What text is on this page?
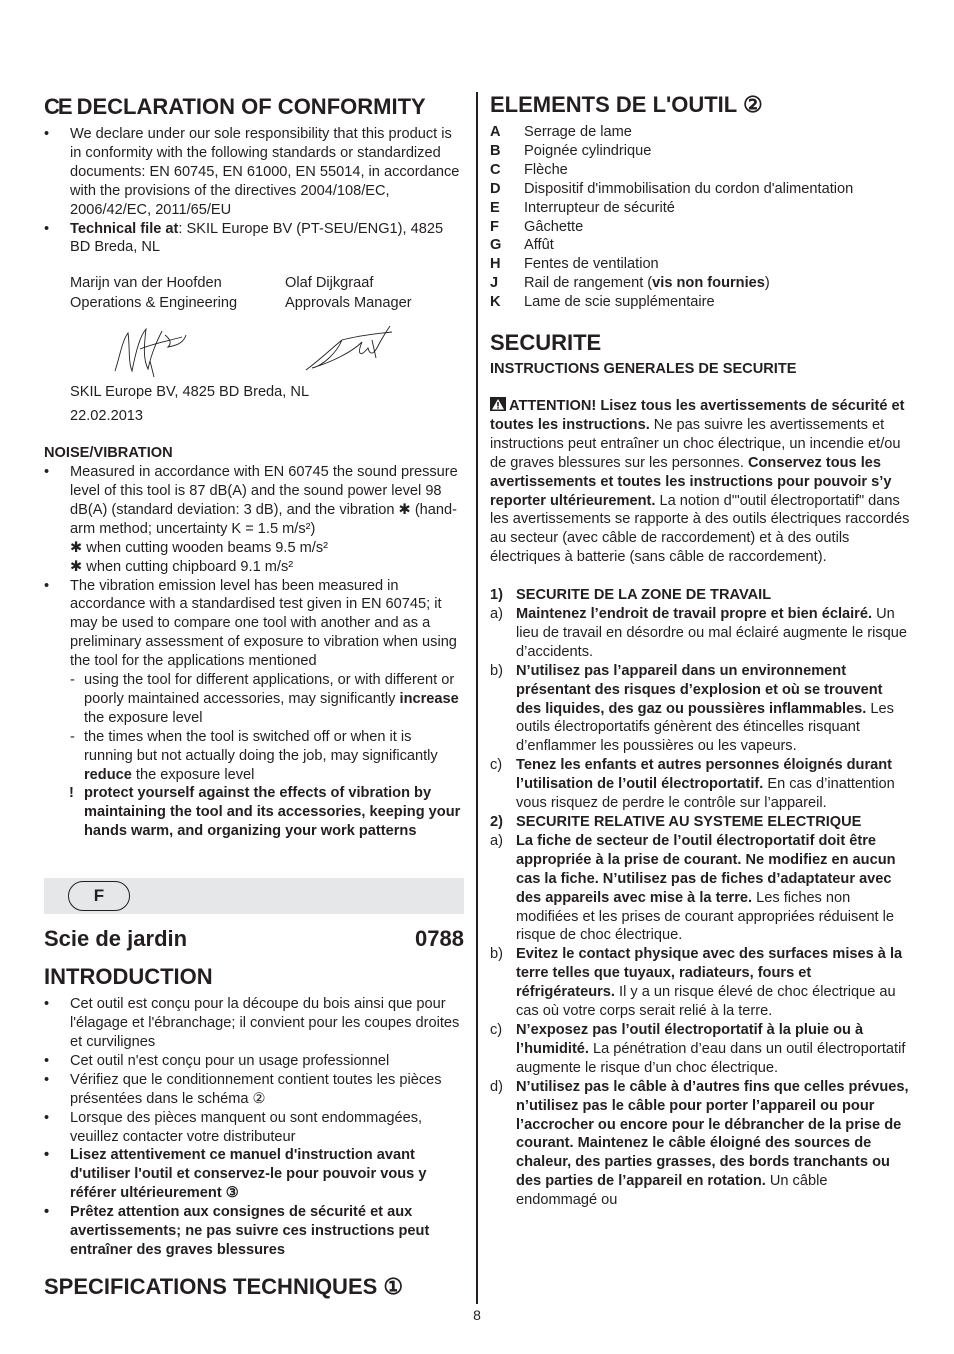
CE DECLARATION OF CONFORMITY
• We declare under our sole responsibility that this product is in conformity with the following standards or standardized documents: EN 60745, EN 61000, EN 55014, in accordance with the provisions of the directives 2004/108/EC, 2006/42/EC, 2011/65/EU
• Technical file at: SKIL Europe BV (PT-SEU/ENG1), 4825 BD Breda, NL
Marijn van der Hoofden	Olaf Dijkgraaf
Operations & Engineering	Approvals Manager

SKIL Europe BV, 4825 BD Breda, NL

22.02.2013

NOISE/VIBRATION
• Measured in accordance with EN 60745 the sound pressure level of this tool is 87 dB(A) and the sound power level 98 dB(A) (standard deviation: 3 dB), and the vibration ✱ (hand-arm method; uncertainty K = 1.5 m/s²)
✱ when cutting wooden beams 9.5 m/s²
✱ when cutting chipboard 9.1 m/s²
• The vibration emission level has been measured in accordance with a standardised test given in EN 60745; it may be used to compare one tool with another and as a preliminary assessment of exposure to vibration when using the tool for the applications mentioned
- using the tool for different applications, or with different or poorly maintained accessories, may significantly increase the exposure level
- the times when the tool is switched off or when it is running but not actually doing the job, may significantly reduce the exposure level
! protect yourself against the effects of vibration by maintaining the tool and its accessories, keeping your hands warm, and organizing your work patterns
F
Scie de jardin	0788
INTRODUCTION
• Cet outil est conçu pour la découpe du bois ainsi que pour l'élagage et l'ébranchage; il convient pour les coupes droites et curvilignes
• Cet outil n'est conçu pour un usage professionnel
• Vérifiez que le conditionnement contient toutes les pièces présentées dans le schéma ②
• Lorsque des pièces manquent ou sont endommagées, veuillez contacter votre distributeur
• Lisez attentivement ce manuel d'instruction avant d'utiliser l'outil et conservez-le pour pouvoir vous y référer ultérieurement ③
• Prêtez attention aux consignes de sécurité et aux avertissements; ne pas suivre ces instructions peut entraîner des graves blessures
SPECIFICATIONS TECHNIQUES ①
ELEMENTS DE L'OUTIL ②
A	Serrage de lame
B	Poignée cylindrique
C	Flèche
D	Dispositif d'immobilisation du cordon d'alimentation
E	Interrupteur de sécurité
F	Gâchette
G	Affût
H	Fentes de ventilation
J	Rail de rangement (vis non fournies)
K	Lame de scie supplémentaire
SECURITE
INSTRUCTIONS GENERALES DE SECURITE

ATTENTION! Lisez tous les avertissements de sécurité et toutes les instructions. Ne pas suivre les avertissements et instructions peut entraîner un choc électrique, un incendie et/ou de graves blessures sur les personnes. Conservez tous les avertissements et toutes les instructions pour pouvoir s’y reporter ultérieurement. La notion d'"outil électroportatif" dans les avertissements se rapporte à des outils électriques raccordés au secteur (avec câble de raccordement) et à des outils électriques à batterie (sans câble de raccordement).

1) SECURITE DE LA ZONE DE TRAVAIL
a) Maintenez l’endroit de travail propre et bien éclairé. Un lieu de travail en désordre ou mal éclairé augmente le risque d’accidents.
b) N’utilisez pas l’appareil dans un environnement présentant des risques d’explosion et où se trouvent des liquides, des gaz ou poussières inflammables. Les outils électroportatifs génèrent des étincelles risquant d’enflammer les poussières ou les vapeurs.
c) Tenez les enfants et autres personnes éloignés durant l’utilisation de l’outil électroportatif. En cas d’inattention vous risquez de perdre le contrôle sur l’appareil.
2) SECURITE RELATIVE AU SYSTEME ELECTRIQUE
a) La fiche de secteur de l’outil électroportatif doit être appropriée à la prise de courant. Ne modifiez en aucun cas la fiche. N’utilisez pas de fiches d’adaptateur avec des appareils avec mise à la terre. Les fiches non modifiées et les prises de courant appropriées réduisent le risque de choc électrique.
b) Evitez le contact physique avec des surfaces mises à la terre telles que tuyaux, radiateurs, fours et réfrigérateurs. Il y a un risque élevé de choc électrique au cas où votre corps serait relié à la terre.
c) N’exposez pas l’outil électroportatif à la pluie ou à l’humidité. La pénétration d’eau dans un outil électroportatif augmente le risque d’un choc électrique.
d) N’utilisez pas le câble à d’autres fins que celles prévues, n’utilisez pas le câble pour porter l’appareil ou pour l’accrocher ou encore pour le débrancher de la prise de courant. Maintenez le câble éloigné des sources de chaleur, des parties grasses, des bords tranchants ou des parties de l’appareil en rotation. Un câble endommagé ou
8
